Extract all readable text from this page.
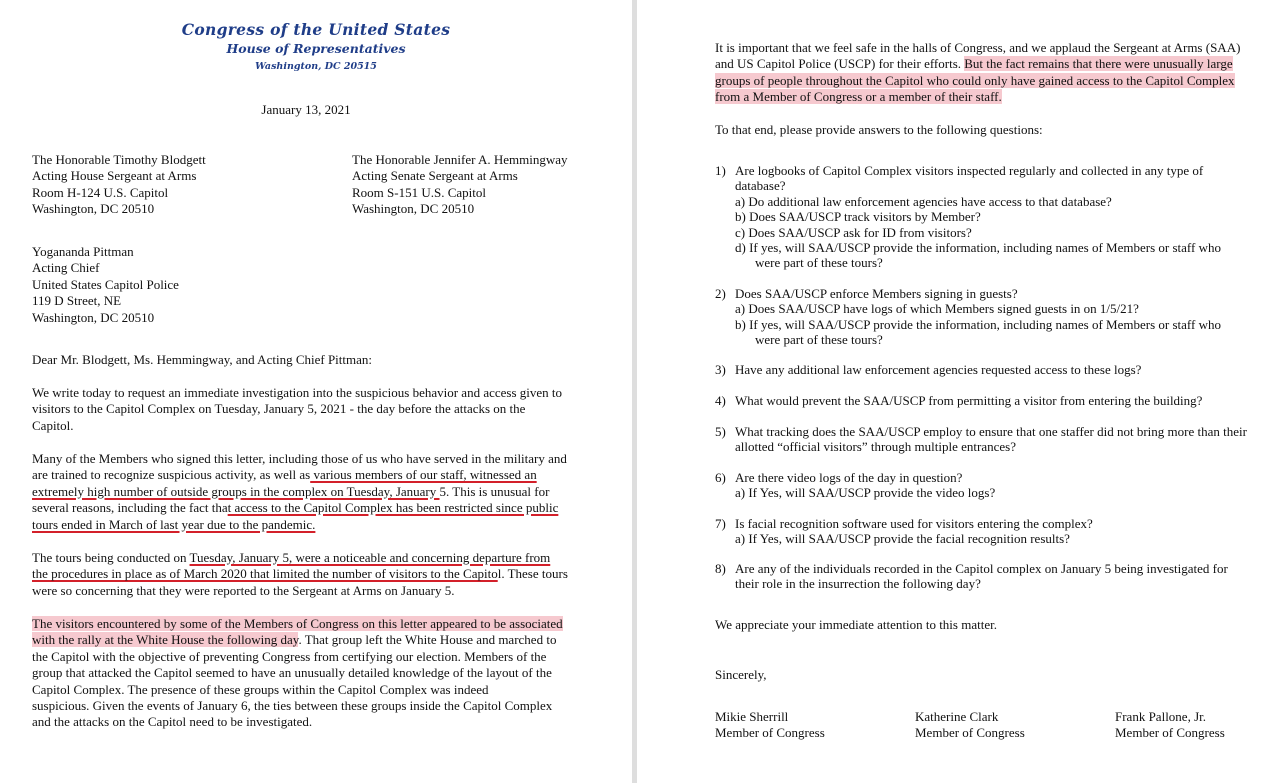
Congress of the United States
House of Representatives
Washington, DC 20515
January 13, 2021
The Honorable Timothy Blodgett
Acting House Sergeant at Arms
Room H-124 U.S. Capitol
Washington, DC 20510
The Honorable Jennifer A. Hemmingway
Acting Senate Sergeant at Arms
Room S-151 U.S. Capitol
Washington, DC 20510
Yogananda Pittman
Acting Chief
United States Capitol Police
119 D Street, NE
Washington, DC 20510
Dear Mr. Blodgett, Ms. Hemmingway, and Acting Chief Pittman:
We write today to request an immediate investigation into the suspicious behavior and access given to
visitors to the Capitol Complex on Tuesday, January 5, 2021 - the day before the attacks on the
Capitol.
Many of the Members who signed this letter, including those of us who have served in the military and
are trained to recognize suspicious activity, as well as various members of our staff, witnessed an
extremely high number of outside groups in the complex on Tuesday, January 5. This is unusual for
several reasons, including the fact that access to the Capitol Complex has been restricted since public
tours ended in March of last year due to the pandemic.
The tours being conducted on Tuesday, January 5, were a noticeable and concerning departure from
the procedures in place as of March 2020 that limited the number of visitors to the Capitol. These tours
were so concerning that they were reported to the Sergeant at Arms on January 5.
The visitors encountered by some of the Members of Congress on this letter appeared to be associated
with the rally at the White House the following day. That group left the White House and marched to
the Capitol with the objective of preventing Congress from certifying our election. Members of the
group that attacked the Capitol seemed to have an unusually detailed knowledge of the layout of the
Capitol Complex. The presence of these groups within the Capitol Complex was indeed
suspicious. Given the events of January 6, the ties between these groups inside the Capitol Complex
and the attacks on the Capitol need to be investigated.
It is important that we feel safe in the halls of Congress, and we applaud the Sergeant at Arms (SAA)
and US Capitol Police (USCP) for their efforts. But the fact remains that there were unusually large
groups of people throughout the Capitol who could only have gained access to the Capitol Complex
from a Member of Congress or a member of their staff.
To that end, please provide answers to the following questions:
1) Are logbooks of Capitol Complex visitors inspected regularly and collected in any type of
database?
a) Do additional law enforcement agencies have access to that database?
b) Does SAA/USCP track visitors by Member?
c) Does SAA/USCP ask for ID from visitors?
d) If yes, will SAA/USCP provide the information, including names of Members or staff who
were part of these tours?
2) Does SAA/USCP enforce Members signing in guests?
a) Does SAA/USCP have logs of which Members signed guests in on 1/5/21?
b) If yes, will SAA/USCP provide the information, including names of Members or staff who
were part of these tours?
3) Have any additional law enforcement agencies requested access to these logs?
4) What would prevent the SAA/USCP from permitting a visitor from entering the building?
5) What tracking does the SAA/USCP employ to ensure that one staffer did not bring more than their
allotted “official visitors” through multiple entrances?
6) Are there video logs of the day in question?
a) If Yes, will SAA/USCP provide the video logs?
7) Is facial recognition software used for visitors entering the complex?
a) If Yes, will SAA/USCP provide the facial recognition results?
8) Are any of the individuals recorded in the Capitol complex on January 5 being investigated for
their role in the insurrection the following day?
We appreciate your immediate attention to this matter.
Sincerely,
Mikie Sherrill
Member of Congress
Katherine Clark
Member of Congress
Frank Pallone, Jr.
Member of Congress
